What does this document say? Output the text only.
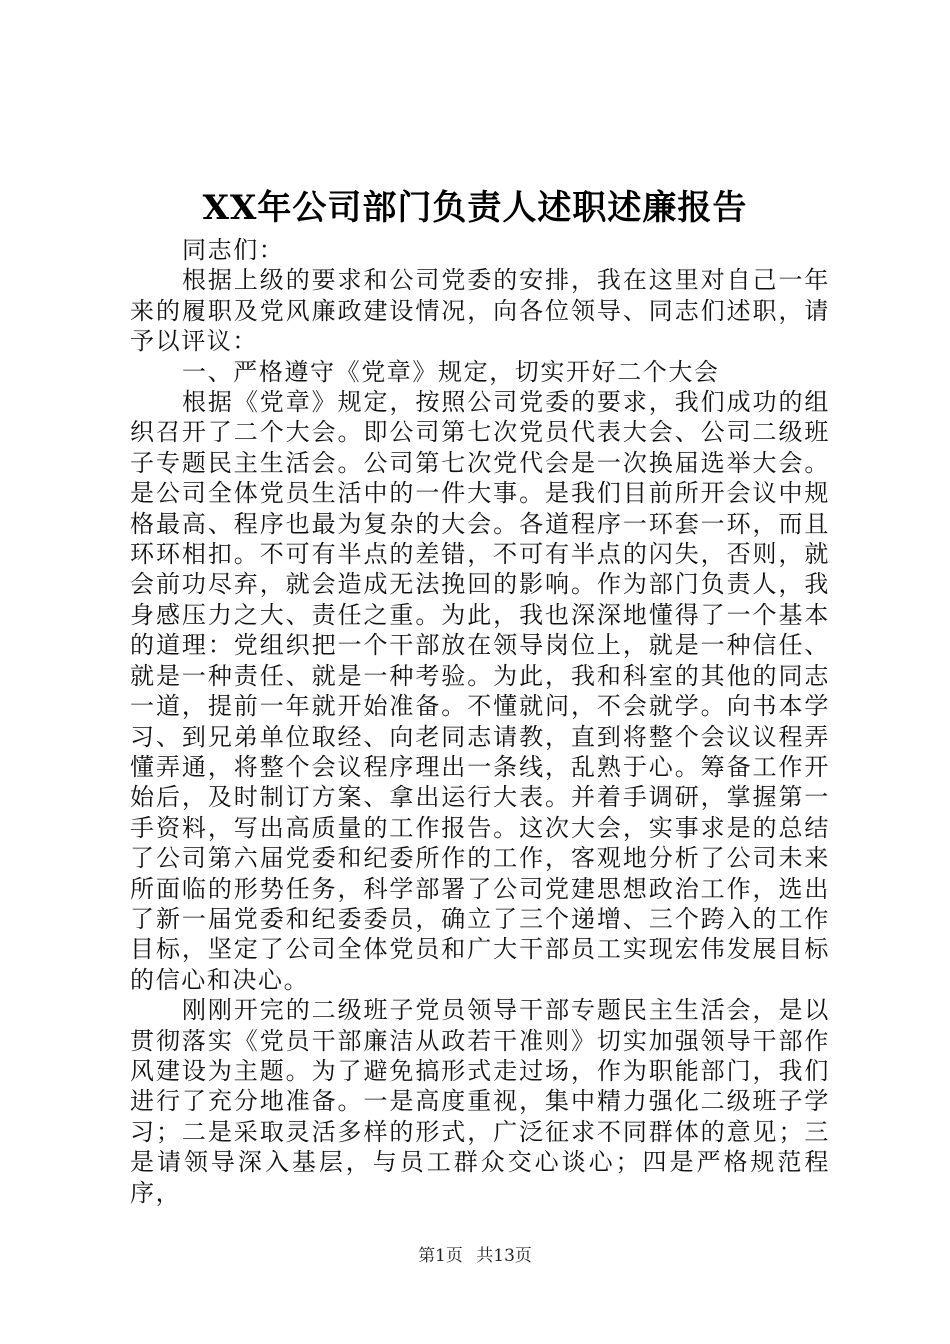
XX年公司部门负责人述职述廉报告

同志们：

根据上级的要求和公司党委的安排，我在这里对自己一年来的履职及党风廉政建设情况，向各位领导、同志们述职，请予以评议：

一、严格遵守《党章》规定，切实开好二个大会

根据《党章》规定，按照公司党委的要求，我们成功的组织召开了二个大会。即公司第七次党员代表大会、公司二级班子专题民主生活会。公司第七次党代会是一次换届选举大会。是公司全体党员生活中的一件大事。是我们目前所开会议中规格最高、程序也最为复杂的大会。各道程序一环套一环，而且环环相扣。不可有半点的差错，不可有半点的闪失，否则，就会前功尽弃，就会造成无法挽回的影响。作为部门负责人，我身感压力之大、责任之重。为此，我也深深地懂得了一个基本的道理：党组织把一个干部放在领导岗位上，就是一种信任、就是一种责任、就是一种考验。为此，我和科室的其他的同志一道，提前一年就开始准备。不懂就问，不会就学。向书本学习、到兄弟单位取经、向老同志请教，直到将整个会议议程弄懂弄通，将整个会议程序理出一条线，乱熟于心。筹备工作开始后，及时制订方案、拿出运行大表。并着手调研，掌握第一手资料，写出高质量的工作报告。这次大会，实事求是的总结了公司第六届党委和纪委所作的工作，客观地分析了公司未来所面临的形势任务，科学部署了公司党建思想政治工作，选出了新一届党委和纪委委员，确立了三个递增、三个跨入的工作目标，坚定了公司全体党员和广大干部员工实现宏伟发展目标的信心和决心。

刚刚开完的二级班子党员领导干部专题民主生活会，是以贯彻落实《党员干部廉洁从政若干准则》切实加强领导干部作风建设为主题。为了避免搞形式走过场，作为职能部门，我们进行了充分地准备。一是高度重视，集中精力强化二级班子学习；二是采取灵活多样的形式，广泛征求不同群体的意见；三是请领导深入基层，与员工群众交心谈心；四是严格规范程序，

第1页 共13页
